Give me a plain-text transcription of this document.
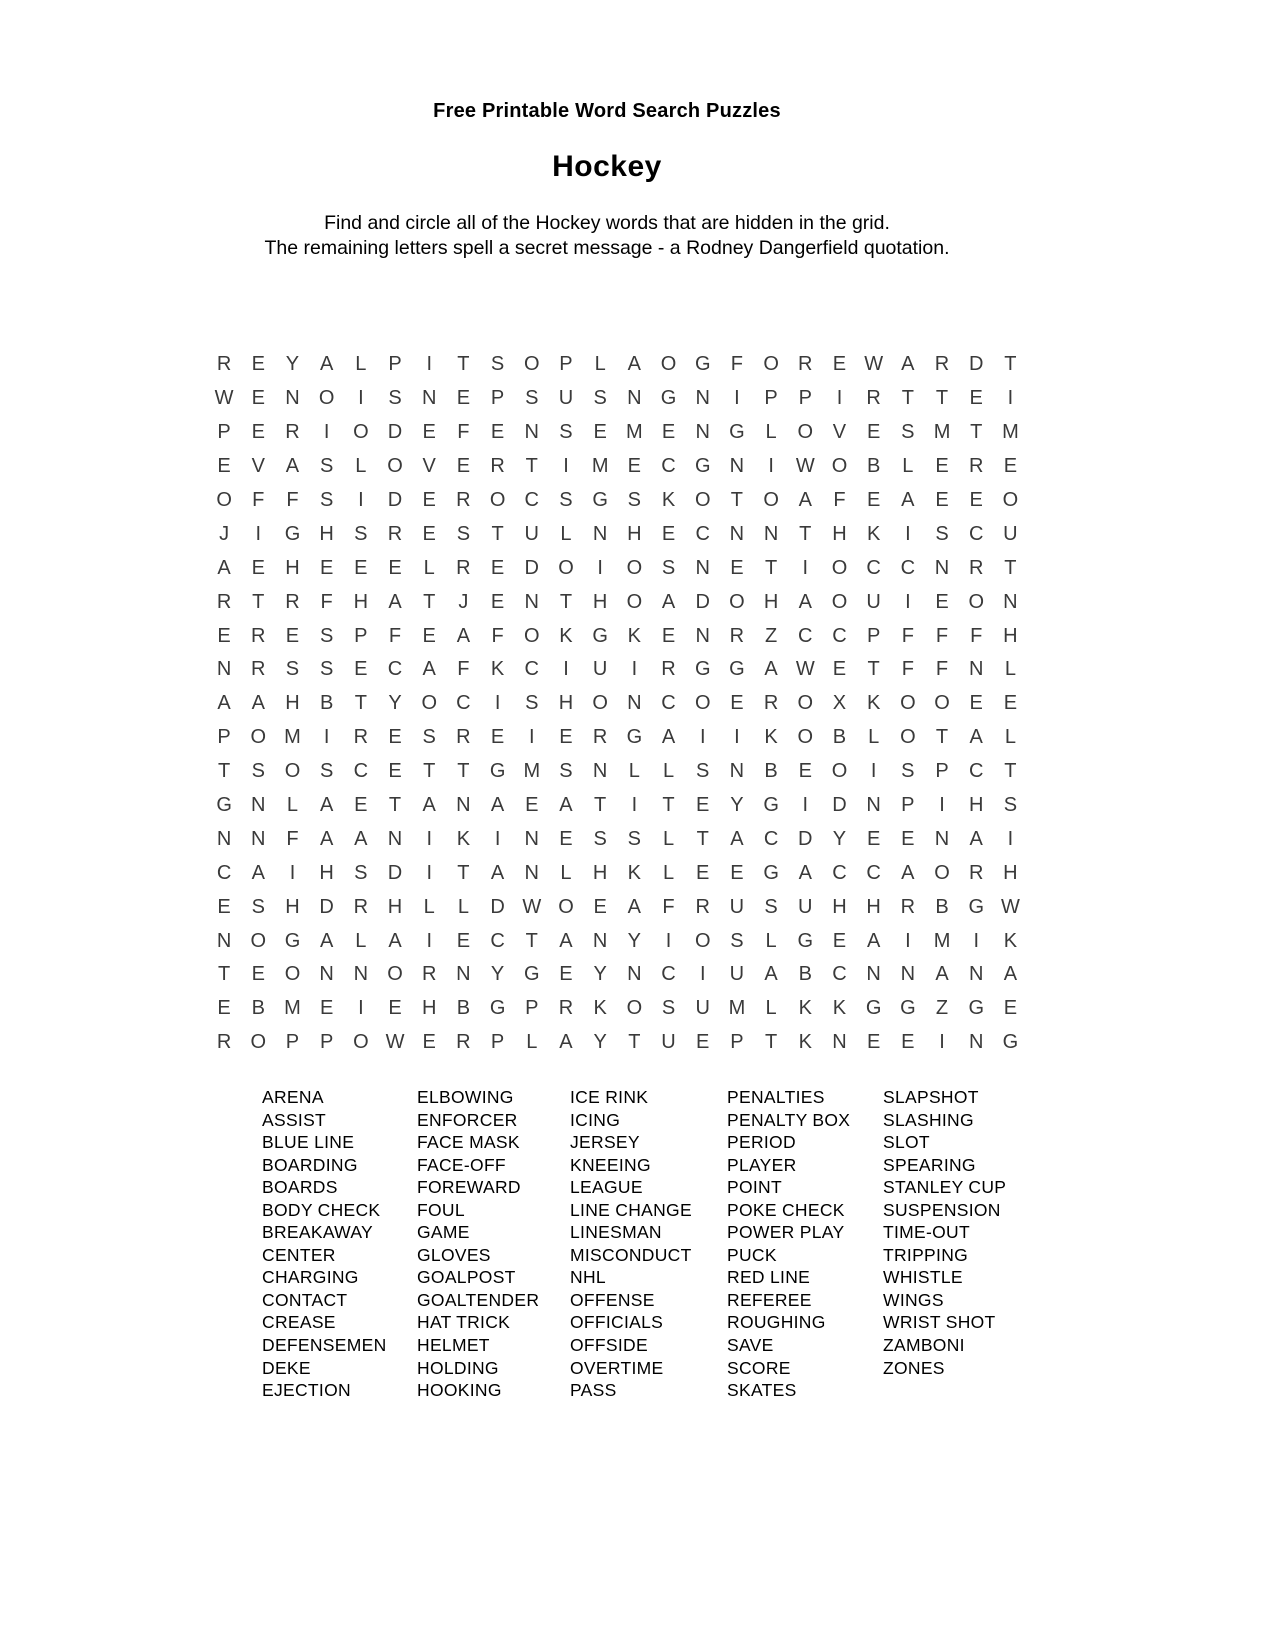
Free Printable Word Search Puzzles
Hockey
Find and circle all of the Hockey words that are hidden in the grid.
The remaining letters spell a secret message - a Rodney Dangerfield quotation.
R	E	Y	A	L	P	I	T	S O P	L	A O G	F	O R	E W A	R D	T
W E	N O	I	S	N	E	P	S	U	S	N G N	I	P	P	I	R	T	T	E	I
P	E	R	I	O D	E	F	E	N	S	E M E	N G	L	O V	E	S M T M
E	V	A	S	L	O V	E	R	T	I	M E	C G N	I	W O B	L	E	R	E
O	F	F	S	I	D	E	R O C	S G S	K O	T	O A	F	E	A	E	E O
J	I	G H	S	R	E	S	T	U	L	N H	E	C N N	T	H	K	I	S	C U
A	E	H	E	E	E	L	R	E	D O	I	O S	N	E	T	I	O C C N R	T
R	T	R	F	H	A	T	J	E	N	T	H O A	D O H	A O U	I	E O N
E	R	E	S	P	F	E	A	F	O K G K	E	N R	Z	C C	P	F	F	F	H
N R	S	S	E	C	A	F	K	C	I	U	I	R G G A W E	T	F	F	N	L
A	A	H	B	T	Y O C	I	S	H O N C O E	R O X	K O O E	E
P O M	I	R	E	S	R	E	I	E	R G A	I	I	K O B	L	O	T	A	L
T	S O S	C	E	T	T	G M S	N	L	L	S	N	B	E O	I	S	P	C	T
G N	L	A	E	T	A	N	A	E	A	T	I	T	E	Y G	I	D N	P	I	H	S
N N	F	A	A	N	I	K	I	N	E	S	S	L	T	A	C D	Y	E	E	N	A	I
C	A	I	H	S	D	I	T	A	N	L	H	K	L	E	E G A	C C	A O R H
E	S	H D R H	L	L	D W O E	A	F	R U	S	U H H R	B G W
N O G A	L	A	I	E	C	T	A	N	Y	I	O S	L	G E	A	I	M	I	K
T	E O N N O R N	Y G E	Y	N C	I	U	A	B	C N N	A	N	A
E	B M E	I	E	H	B G P	R	K O S	U M	L	K	K G G	Z	G E
R O P	P O W E	R	P	L	A	Y	T	U	E	P	T	K	N	E	E	I	N G
ARENA
ASSIST
BLUE LINE
BOARDING
BOARDS
BODY CHECK
BREAKAWAY
CENTER
CHARGING
CONTACT
CREASE
DEFENSEMEN
DEKE
EJECTION
ELBOWING
ENFORCER
FACE MASK
FACE-OFF
FOREWARD
FOUL
GAME
GLOVES
GOALPOST
GOALTENDER
HAT TRICK
HELMET
HOLDING
HOOKING
ICE RINK
ICING
JERSEY
KNEEING
LEAGUE
LINE CHANGE
LINESMAN
MISCONDUCT
NHL
OFFENSE
OFFICIALS
OFFSIDE
OVERTIME
PASS
PENALTIES
PENALTY BOX
PERIOD
PLAYER
POINT
POKE CHECK
POWER PLAY
PUCK
RED LINE
REFEREE
ROUGHING
SAVE
SCORE
SKATES
SLAPSHOT
SLASHING
SLOT
SPEARING
STANLEY CUP
SUSPENSION
TIME-OUT
TRIPPING
WHISTLE
WINGS
WRIST SHOT
ZAMBONI
ZONES
